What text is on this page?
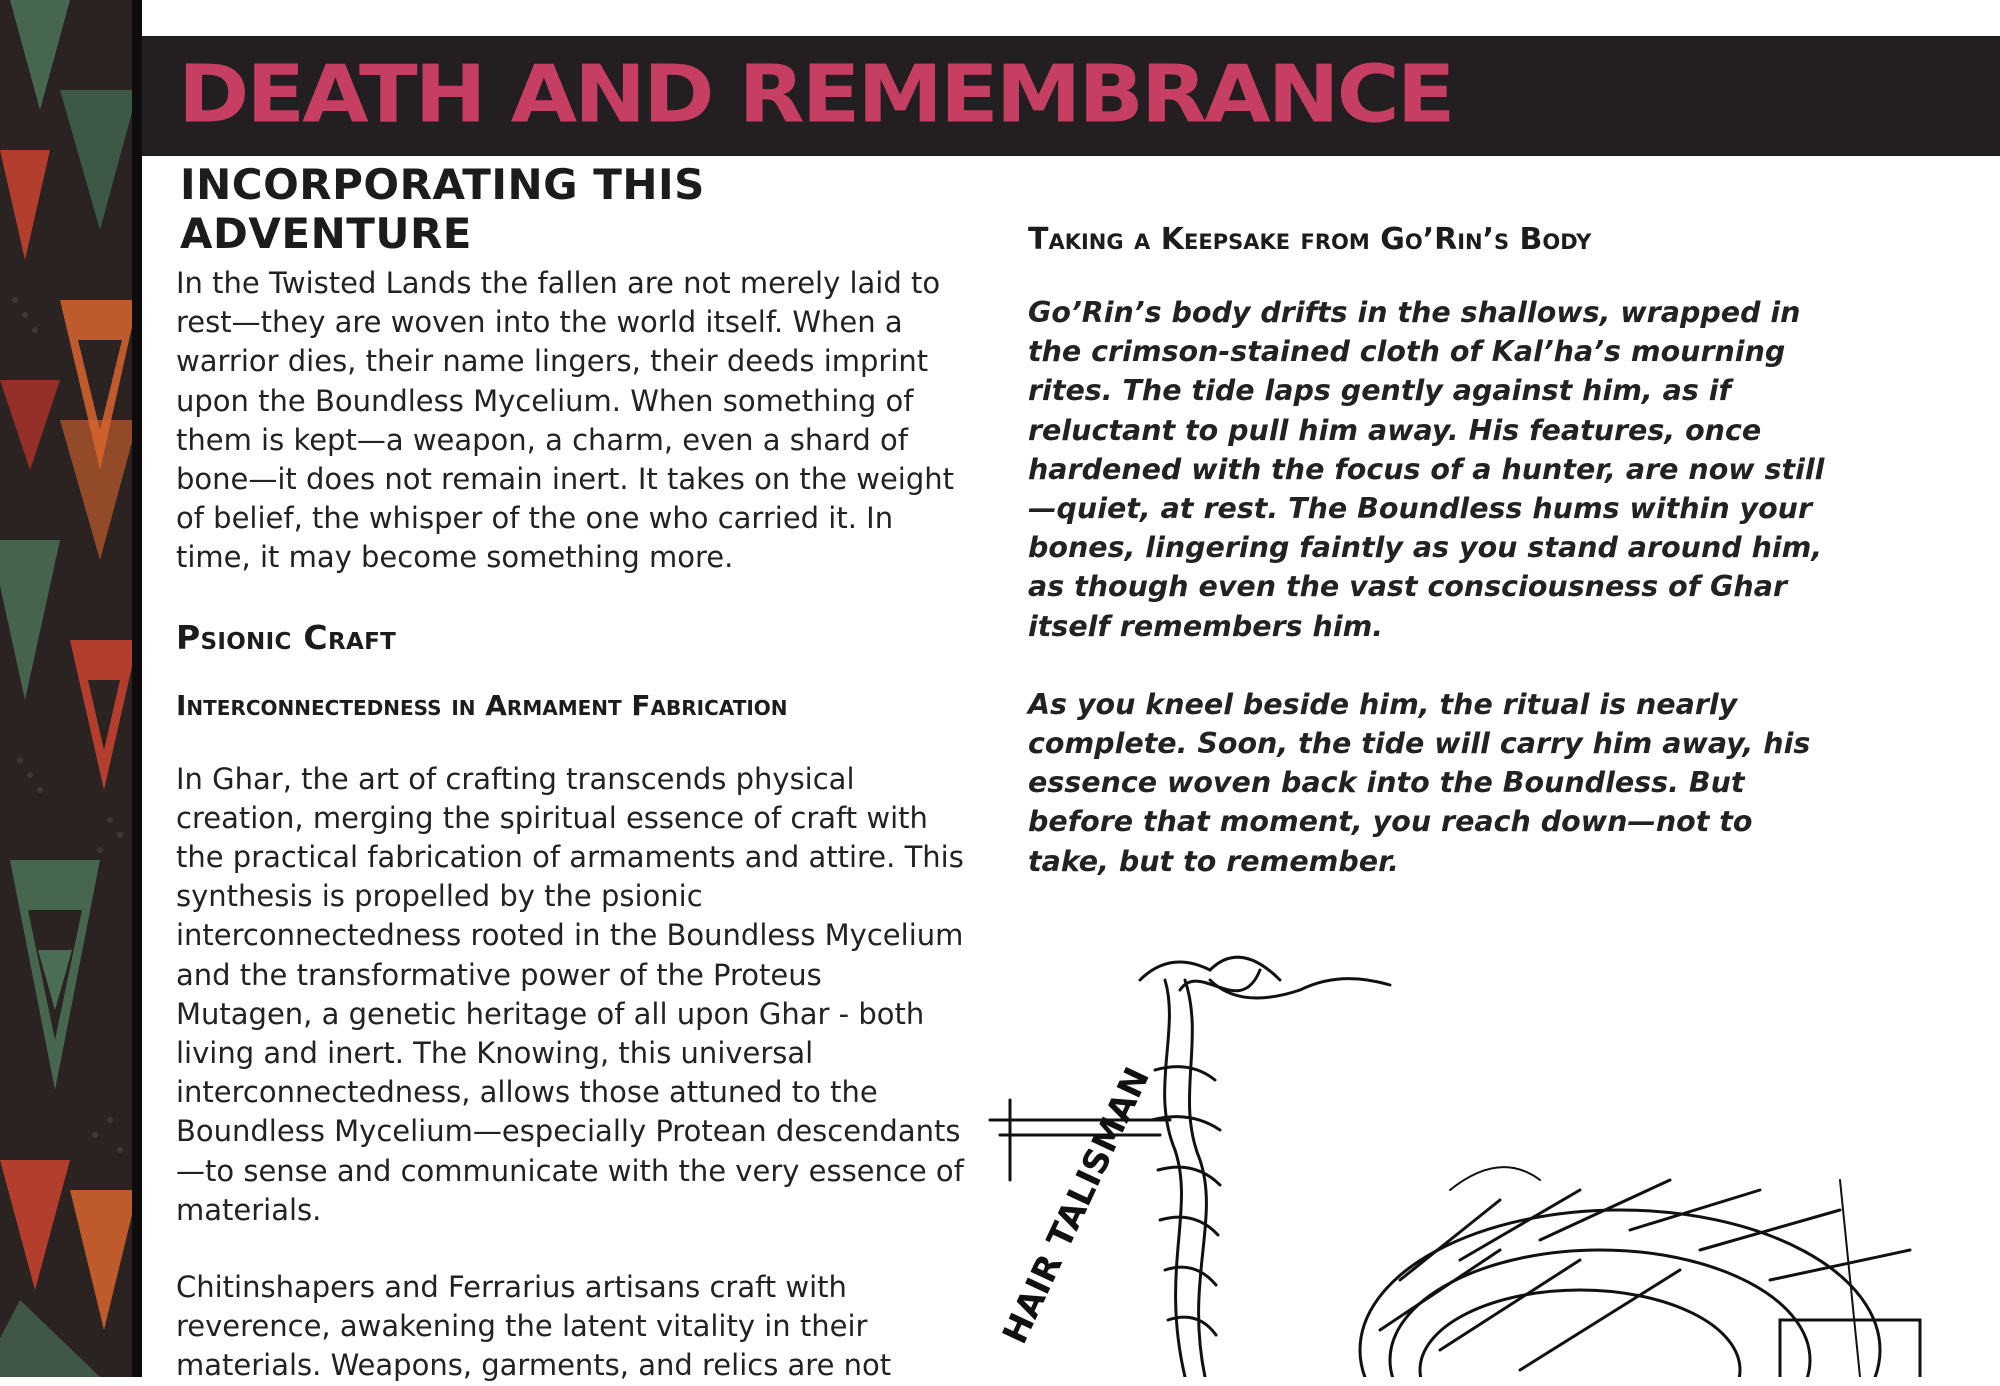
DEATH AND REMEMBRANCE
INCORPORATING THIS ADVENTURE

In the Twisted Lands the fallen are not merely laid to rest—they are woven into the world itself. When a warrior dies, their name lingers, their deeds imprint upon the Boundless Mycelium. When something of them is kept—a weapon, a charm, even a shard of bone—it does not remain inert. It takes on the weight of belief, the whisper of the one who carried it. In time, it may become something more.

Psionic Craft
Interconnectedness in Armament Fabrication

In Ghar, the art of crafting transcends physical creation, merging the spiritual essence of craft with the practical fabrication of armaments and attire. This synthesis is propelled by the psionic interconnectedness rooted in the Boundless Mycelium and the transformative power of the Proteus Mutagen, a genetic heritage of all upon Ghar - both living and inert. The Knowing, this universal interconnectedness, allows those attuned to the Boundless Mycelium—especially Protean descendants—to sense and communicate with the very essence of materials.

Chitinshapers and Ferrarius artisans craft with reverence, awakening the latent vitality in their materials. Weapons, garments, and relics are not

Taking a Keepsake from Go’Rin’s Body

Go’Rin’s body drifts in the shallows, wrapped in the crimson-stained cloth of Kal’ha’s mourning rites. The tide laps gently against him, as if reluctant to pull him away. His features, once hardened with the focus of a hunter, are now still—quiet, at rest. The Boundless hums within your bones, lingering faintly as you stand around him, as though even the vast consciousness of Ghar itself remembers him.

As you kneel beside him, the ritual is nearly complete. Soon, the tide will carry him away, his essence woven back into the Boundless. But before that moment, you reach down—not to take, but to remember.

HAIR TALISMAN
